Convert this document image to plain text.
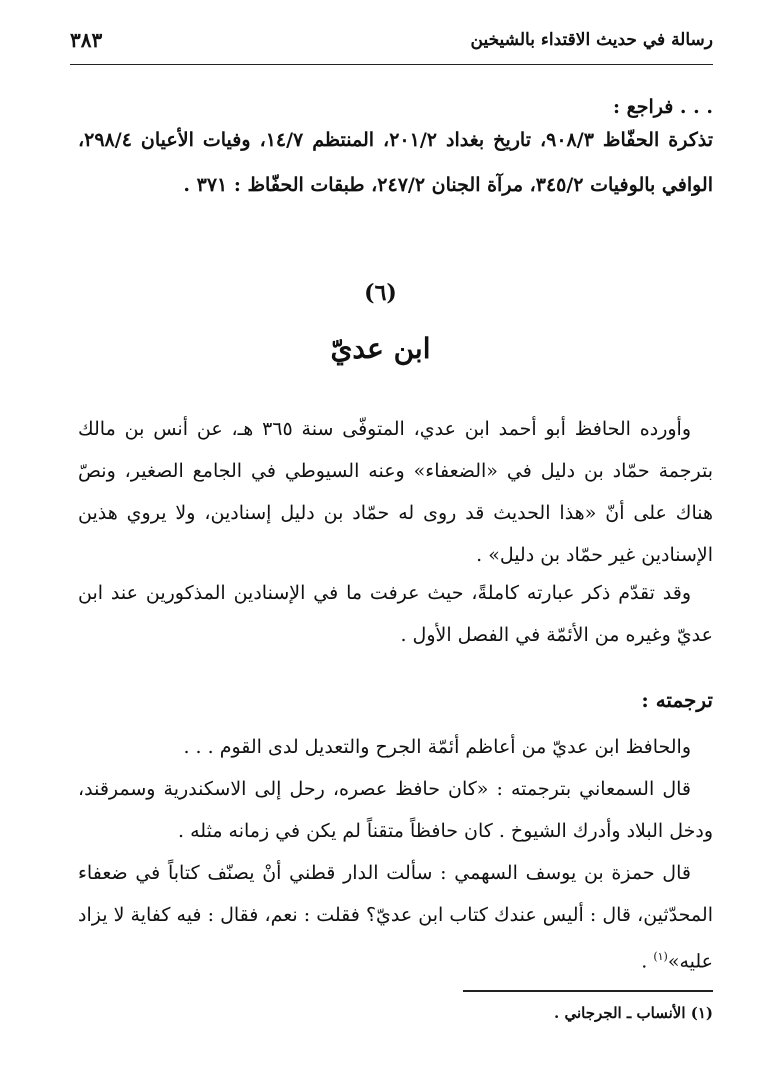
رسالة في حديث الاقتداء بالشيخين
٣٨٣
. . . فراجع :
تذكرة الحفّاظ ٩٠٨/٣، تاريخ بغداد ٢٠١/٢، المنتظم ١٤/٧، وفيات الأعيان ٢٩٨/٤، الوافي بالوفيات ٣٤٥/٢، مرآة الجنان ٢٤٧/٢، طبقات الحفّاظ : ٣٧١ .
(٦)
ابن عديّ
وأورده الحافظ أبو أحمد ابن عدي، المتوفّى سنة ٣٦٥ هـ، عن أنس بن مالك بترجمة حمّاد بن دليل في «الضعفاء» وعنه السيوطي في الجامع الصغير، ونصّ هناك على أنّ «هذا الحديث قد روى له حمّاد بن دليل إسنادين، ولا يروي هذين الإسنادين غير حمّاد بن دليل» .
وقد تقدّم ذكر عبارته كاملةً، حيث عرفت ما في الإسنادين المذكورين عند ابن عديّ وغيره من الأئمّة في الفصل الأول .
ترجمته :

والحافظ ابن عديّ من أعاظم أئمّة الجرح والتعديل لدى القوم . . .

قال السمعاني بترجمته : «كان حافظ عصره، رحل إلى الاسكندرية وسمرقند، ودخل البلاد وأدرك الشيوخ . كان حافظاً متقناً لم يكن في زمانه مثله .

قال حمزة بن يوسف السهمي : سألت الدار قطني أنْ يصنّف كتاباً في ضعفاء المحدّثين، قال : أليس عندك كتاب ابن عديّ؟ فقلت : نعم، فقال : فيه كفاية لا يزاد عليه»$^{(١)}$ .

(١) الأنساب ـ الجرجاني .
